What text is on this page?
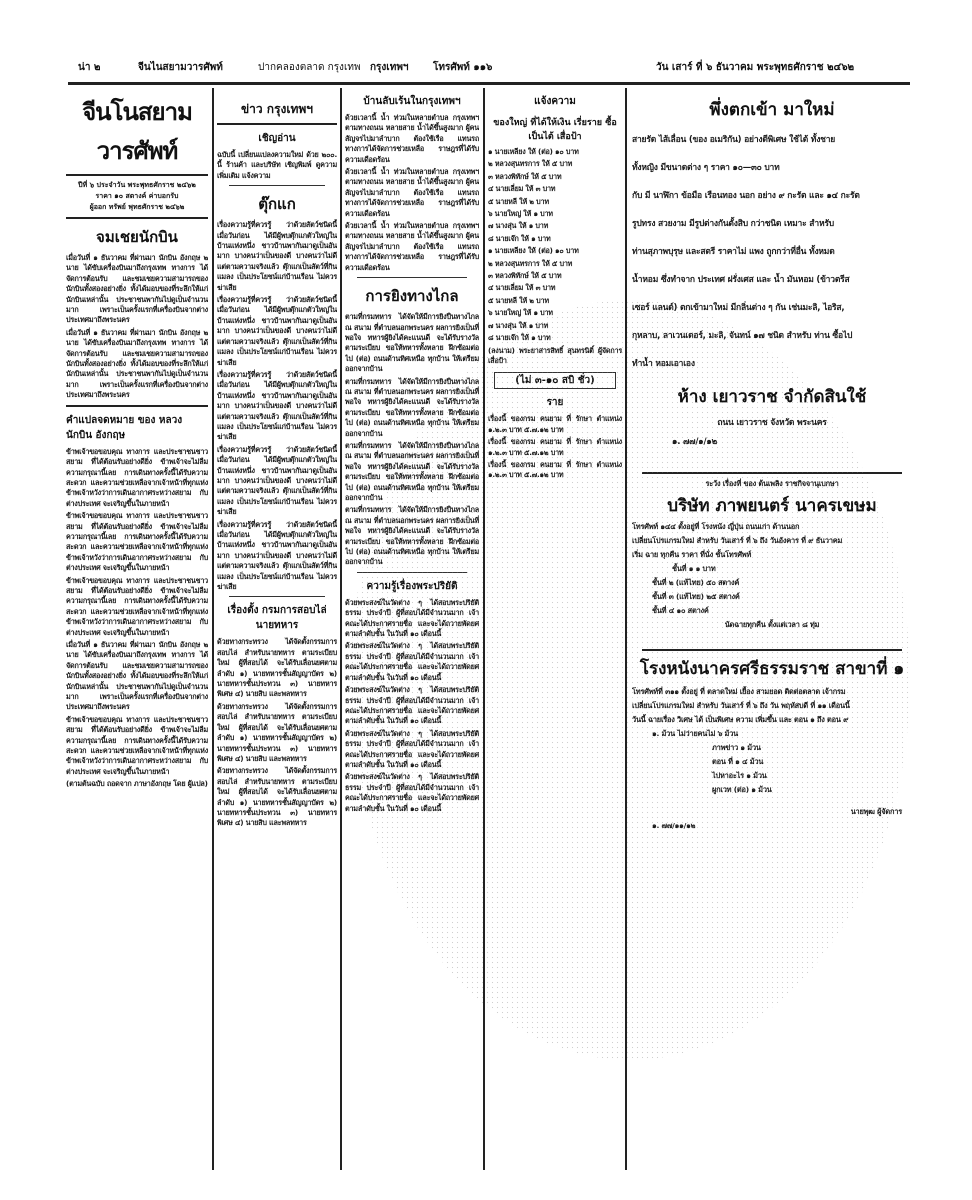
น่า ๒	จีนไนสยามวารศัพท์	ปากคลองตลาด กรุงเทพ กรุงเทพฯ โทรศัพท์ ๑๑๖	วัน เสาร์ ที่ ๖ ธันวาคม พระพุทธศักราช ๒๔๖๒
จีนโนสยามวารศัพท์
ปีที่ ๖ ประจำวัน พระพุทธศักราช ๒๔๖๒
ราคา ๑๐ สตางค์ ค่าบอกรับ
ผู้ออก ทรัพย์ พุทธศักราช ๒๔๖๒
จมเชยนักบิน

เมื่อวันที่ ๑ ธันวาคม ที่ผ่านมา นักบิน อังกฤษ ๒ นาย ได้ขับเครื่องบินมาถึงกรุงเทพ ทางการ ได้จัดการต้อนรับ และชมเชยความสามารถของนักบินทั้งสองอย่างยิ่ง ทั้งได้มอบของที่ระลึกให้แก่นักบินเหล่านั้น ประชาชนพากันไปดูเป็นจำนวนมาก เพราะเป็นครั้งแรกที่เครื่องบินจากต่างประเทศมาถึงพระนคร

เมื่อวันที่ ๑ ธันวาคม ที่ผ่านมา นักบิน อังกฤษ ๒ นาย ได้ขับเครื่องบินมาถึงกรุงเทพ ทางการ ได้จัดการต้อนรับ และชมเชยความสามารถของนักบินทั้งสองอย่างยิ่ง ทั้งได้มอบของที่ระลึกให้แก่นักบินเหล่านั้น ประชาชนพากันไปดูเป็นจำนวนมาก เพราะเป็นครั้งแรกที่เครื่องบินจากต่างประเทศมาถึงพระนคร

คำแปลจดหมาย ของ หลวงนักบิน อังกฤษ

ข้าพเจ้าขอขอบคุณ ทางการ และประชาชนชาวสยาม ที่ได้ต้อนรับอย่างดียิ่ง ข้าพเจ้าจะไม่ลืมความกรุณานี้เลย การเดินทางครั้งนี้ได้รับความสะดวก และความช่วยเหลือจากเจ้าหน้าที่ทุกแห่ง ข้าพเจ้าหวังว่าการเดินอากาศระหว่างสยาม กับ ต่างประเทศ จะเจริญขึ้นในภายหน้า

ข้าพเจ้าขอขอบคุณ ทางการ และประชาชนชาวสยาม ที่ได้ต้อนรับอย่างดียิ่ง ข้าพเจ้าจะไม่ลืมความกรุณานี้เลย การเดินทางครั้งนี้ได้รับความสะดวก และความช่วยเหลือจากเจ้าหน้าที่ทุกแห่ง ข้าพเจ้าหวังว่าการเดินอากาศระหว่างสยาม กับ ต่างประเทศ จะเจริญขึ้นในภายหน้า

ข้าพเจ้าขอขอบคุณ ทางการ และประชาชนชาวสยาม ที่ได้ต้อนรับอย่างดียิ่ง ข้าพเจ้าจะไม่ลืมความกรุณานี้เลย การเดินทางครั้งนี้ได้รับความสะดวก และความช่วยเหลือจากเจ้าหน้าที่ทุกแห่ง ข้าพเจ้าหวังว่าการเดินอากาศระหว่างสยาม กับ ต่างประเทศ จะเจริญขึ้นในภายหน้า

เมื่อวันที่ ๑ ธันวาคม ที่ผ่านมา นักบิน อังกฤษ ๒ นาย ได้ขับเครื่องบินมาถึงกรุงเทพ ทางการ ได้จัดการต้อนรับ และชมเชยความสามารถของนักบินทั้งสองอย่างยิ่ง ทั้งได้มอบของที่ระลึกให้แก่นักบินเหล่านั้น ประชาชนพากันไปดูเป็นจำนวนมาก เพราะเป็นครั้งแรกที่เครื่องบินจากต่างประเทศมาถึงพระนคร

ข้าพเจ้าขอขอบคุณ ทางการ และประชาชนชาวสยาม ที่ได้ต้อนรับอย่างดียิ่ง ข้าพเจ้าจะไม่ลืมความกรุณานี้เลย การเดินทางครั้งนี้ได้รับความสะดวก และความช่วยเหลือจากเจ้าหน้าที่ทุกแห่ง ข้าพเจ้าหวังว่าการเดินอากาศระหว่างสยาม กับ ต่างประเทศ จะเจริญขึ้นในภายหน้า

(ตามต้นฉบับ ถอดจาก ภาษาอังกฤษ โดย ผู้แปล)

ข่าว กรุงเทพฯ
เชิญอ่าน

ฉบับนี้ เปลี่ยนแปลงความใหม่ ด้วย ๒๐๐. นี้ ร้านค้า และบริษัท เชิญพิมพ์ ดูความ เพิ่มเติม แจ้งความ

ตุ๊กแก

เรื่องความรู้ที่ควรรู้ ว่าด้วยสัตว์ชนิดนี้ เมื่อวันก่อน ได้มีผู้พบตุ๊กแกตัวใหญ่ในบ้านแห่งหนึ่ง ชาวบ้านพากันมาดูเป็นอันมาก บางคนว่าเป็นของดี บางคนว่าไม่ดี แต่ตามความจริงแล้ว ตุ๊กแกเป็นสัตว์ที่กินแมลง เป็นประโยชน์แก่บ้านเรือน ไม่ควรฆ่าเสีย

เรื่องความรู้ที่ควรรู้ ว่าด้วยสัตว์ชนิดนี้ เมื่อวันก่อน ได้มีผู้พบตุ๊กแกตัวใหญ่ในบ้านแห่งหนึ่ง ชาวบ้านพากันมาดูเป็นอันมาก บางคนว่าเป็นของดี บางคนว่าไม่ดี แต่ตามความจริงแล้ว ตุ๊กแกเป็นสัตว์ที่กินแมลง เป็นประโยชน์แก่บ้านเรือน ไม่ควรฆ่าเสีย

เรื่องความรู้ที่ควรรู้ ว่าด้วยสัตว์ชนิดนี้ เมื่อวันก่อน ได้มีผู้พบตุ๊กแกตัวใหญ่ในบ้านแห่งหนึ่ง ชาวบ้านพากันมาดูเป็นอันมาก บางคนว่าเป็นของดี บางคนว่าไม่ดี แต่ตามความจริงแล้ว ตุ๊กแกเป็นสัตว์ที่กินแมลง เป็นประโยชน์แก่บ้านเรือน ไม่ควรฆ่าเสีย

เรื่องความรู้ที่ควรรู้ ว่าด้วยสัตว์ชนิดนี้ เมื่อวันก่อน ได้มีผู้พบตุ๊กแกตัวใหญ่ในบ้านแห่งหนึ่ง ชาวบ้านพากันมาดูเป็นอันมาก บางคนว่าเป็นของดี บางคนว่าไม่ดี แต่ตามความจริงแล้ว ตุ๊กแกเป็นสัตว์ที่กินแมลง เป็นประโยชน์แก่บ้านเรือน ไม่ควรฆ่าเสีย

เรื่องความรู้ที่ควรรู้ ว่าด้วยสัตว์ชนิดนี้ เมื่อวันก่อน ได้มีผู้พบตุ๊กแกตัวใหญ่ในบ้านแห่งหนึ่ง ชาวบ้านพากันมาดูเป็นอันมาก บางคนว่าเป็นของดี บางคนว่าไม่ดี แต่ตามความจริงแล้ว ตุ๊กแกเป็นสัตว์ที่กินแมลง เป็นประโยชน์แก่บ้านเรือน ไม่ควรฆ่าเสีย

เรื่องตั้ง กรมการสอบไล่ นายทหาร

ด้วยทางกระทรวง ได้จัดตั้งกรรมการสอบไล่ สำหรับนายทหาร ตามระเบียบใหม่ ผู้ที่สอบได้ จะได้รับเลื่อนยศตามลำดับ ๑) นายทหารชั้นสัญญาบัตร ๒) นายทหารชั้นประทวน ๓) นายทหารพิเศษ ๔) นายสิบ และพลทหาร

ด้วยทางกระทรวง ได้จัดตั้งกรรมการสอบไล่ สำหรับนายทหาร ตามระเบียบใหม่ ผู้ที่สอบได้ จะได้รับเลื่อนยศตามลำดับ ๑) นายทหารชั้นสัญญาบัตร ๒) นายทหารชั้นประทวน ๓) นายทหารพิเศษ ๔) นายสิบ และพลทหาร

ด้วยทางกระทรวง ได้จัดตั้งกรรมการสอบไล่ สำหรับนายทหาร ตามระเบียบใหม่ ผู้ที่สอบได้ จะได้รับเลื่อนยศตามลำดับ ๑) นายทหารชั้นสัญญาบัตร ๒) นายทหารชั้นประทวน ๓) นายทหารพิเศษ ๔) นายสิบ และพลทหาร

บ้านลับเร้นในกรุงเทพฯ

ด้วยเวลานี้ น้ำ ท่วมในหลายตำบล กรุงเทพฯ ตามทางถนน หลายสาย น้ำได้ขึ้นสูงมาก ผู้คนสัญจรไปมาลำบาก ต้องใช้เรือ แทนรถ ทางการได้จัดการช่วยเหลือ ราษฎรที่ได้รับความเดือดร้อน

ด้วยเวลานี้ น้ำ ท่วมในหลายตำบล กรุงเทพฯ ตามทางถนน หลายสาย น้ำได้ขึ้นสูงมาก ผู้คนสัญจรไปมาลำบาก ต้องใช้เรือ แทนรถ ทางการได้จัดการช่วยเหลือ ราษฎรที่ได้รับความเดือดร้อน

ด้วยเวลานี้ น้ำ ท่วมในหลายตำบล กรุงเทพฯ ตามทางถนน หลายสาย น้ำได้ขึ้นสูงมาก ผู้คนสัญจรไปมาลำบาก ต้องใช้เรือ แทนรถ ทางการได้จัดการช่วยเหลือ ราษฎรที่ได้รับความเดือดร้อน

การยิงทางไกล

ตามที่กรมทหาร ได้จัดให้มีการยิงปืนทางไกล ณ สนาม ที่ตำบลนอกพระนคร ผลการยิงเป็นที่พอใจ ทหารผู้ยิงได้คะแนนดี จะได้รับรางวัล ตามระเบียบ ขอให้ทหารทั้งหลาย ฝึกซ้อมต่อไป (ต่อ) ถนนด้านทิศเหนือ ทุกบ้าน ให้เตรียม ออกจากบ้าน

ตามที่กรมทหาร ได้จัดให้มีการยิงปืนทางไกล ณ สนาม ที่ตำบลนอกพระนคร ผลการยิงเป็นที่พอใจ ทหารผู้ยิงได้คะแนนดี จะได้รับรางวัล ตามระเบียบ ขอให้ทหารทั้งหลาย ฝึกซ้อมต่อไป (ต่อ) ถนนด้านทิศเหนือ ทุกบ้าน ให้เตรียม ออกจากบ้าน

ตามที่กรมทหาร ได้จัดให้มีการยิงปืนทางไกล ณ สนาม ที่ตำบลนอกพระนคร ผลการยิงเป็นที่พอใจ ทหารผู้ยิงได้คะแนนดี จะได้รับรางวัล ตามระเบียบ ขอให้ทหารทั้งหลาย ฝึกซ้อมต่อไป (ต่อ) ถนนด้านทิศเหนือ ทุกบ้าน ให้เตรียม ออกจากบ้าน

ตามที่กรมทหาร ได้จัดให้มีการยิงปืนทางไกล ณ สนาม ที่ตำบลนอกพระนคร ผลการยิงเป็นที่พอใจ ทหารผู้ยิงได้คะแนนดี จะได้รับรางวัล ตามระเบียบ ขอให้ทหารทั้งหลาย ฝึกซ้อมต่อไป (ต่อ) ถนนด้านทิศเหนือ ทุกบ้าน ให้เตรียม ออกจากบ้าน

ความรู้เรื่องพระปริยัติ

ด้วยพระสงฆ์ในวัดต่าง ๆ ได้สอบพระปริยัติธรรม ประจำปี ผู้ที่สอบได้มีจำนวนมาก เจ้าคณะได้ประกาศรายชื่อ และจะได้ถวายพัดยศ ตามลำดับชั้น ในวันที่ ๑๐ เดือนนี้

ด้วยพระสงฆ์ในวัดต่าง ๆ ได้สอบพระปริยัติธรรม ประจำปี ผู้ที่สอบได้มีจำนวนมาก เจ้าคณะได้ประกาศรายชื่อ และจะได้ถวายพัดยศ ตามลำดับชั้น ในวันที่ ๑๐ เดือนนี้

ด้วยพระสงฆ์ในวัดต่าง ๆ ได้สอบพระปริยัติธรรม ประจำปี ผู้ที่สอบได้มีจำนวนมาก เจ้าคณะได้ประกาศรายชื่อ และจะได้ถวายพัดยศ ตามลำดับชั้น ในวันที่ ๑๐ เดือนนี้

ด้วยพระสงฆ์ในวัดต่าง ๆ ได้สอบพระปริยัติธรรม ประจำปี ผู้ที่สอบได้มีจำนวนมาก เจ้าคณะได้ประกาศรายชื่อ และจะได้ถวายพัดยศ ตามลำดับชั้น ในวันที่ ๑๐ เดือนนี้

ด้วยพระสงฆ์ในวัดต่าง ๆ ได้สอบพระปริยัติธรรม ประจำปี ผู้ที่สอบได้มีจำนวนมาก เจ้าคณะได้ประกาศรายชื่อ และจะได้ถวายพัดยศ ตามลำดับชั้น ในวันที่ ๑๐ เดือนนี้

แจ้งความ
ของใหญ่ ที่ได้ให้เงิน เรี่ยราย ซื้อเป็นไต้ เสื่อป้า

๑ นายเหลียง ให้ (ต่อ) ๑๐ บาท

๒ หลวงสุนทรการ ให้ ๕ บาท

๓ หลวงพิทักษ์ ให้ ๕ บาท

๔ นายเลี่ยม ให้ ๓ บาท

๕ นายหลี ให้ ๒ บาท

๖ นายใหญ่ ให้ ๑ บาท

๗ นางสุ่น ให้ ๑ บาท

๘ นายเจ๊ก ให้ ๑ บาท

๑ นายเหลียง ให้ (ต่อ) ๑๐ บาท

๒ หลวงสุนทรการ ให้ ๕ บาท

๓ หลวงพิทักษ์ ให้ ๕ บาท

๔ นายเลี่ยม ให้ ๓ บาท

๕ นายหลี ให้ ๒ บาท

๖ นายใหญ่ ให้ ๑ บาท

๗ นางสุ่น ให้ ๑ บาท

๘ นายเจ๊ก ให้ ๑ บาท

(ลงนาม) พระยาสารสิทธิ์ สุนทรนิติ์ ผู้จัดการ เสื่อป้า

(ไม่ ๓-๑๐ สบิ ชั่ว)
ราย

เรื่องนี้ ของกรม คนยาม ที่ รักษา ตำแหน่ง ๑.๒.๓ บาท ๕.๗.๑๒ บาท

เรื่องนี้ ของกรม คนยาม ที่ รักษา ตำแหน่ง ๑.๒.๓ บาท ๕.๗.๑๒ บาท

เรื่องนี้ ของกรม คนยาม ที่ รักษา ตำแหน่ง ๑.๒.๓ บาท ๕.๗.๑๒ บาท

พึ่งตกเข้า มาใหม่

สายรัด ไส้เลื่อน (ของ อเมริกัน) อย่างดีพิเศษ ใช้ได้ ทั้งชาย

ทั้งหญิง มีขนาดต่าง ๆ ราคา ๑๐—๓๐ บาท

กับ มี นาฬิกา ข้อมือ เรือนทอง นอก อย่าง ๙ กะรัต และ ๑๔ กะรัต

รูปทรง สวยงาม มีรูปต่างกันตั้งสิบ กว่าชนิด เหมาะ สำหรับ

ท่านสุภาพบุรุษ และสตรี ราคาไม่ แพง ถูกกว่าที่อื่น ทั้งหมด

น้ำหอม ซึ่งทำจาก ประเทศ ฝรั่งเศส และ น้ำ มันหอม (ข้าวตรีส

เซอร์ แลนด์) ตกเข้ามาใหม่ มีกลิ่นต่าง ๆ กัน เช่นมะลิ, ไอริส,

กุหลาบ, ลาเวนเดอร์, มะลิ, จันทน์ ๑๗ ชนิด สำหรับ ท่าน ซื้อไป

ทำน้ำ หอมเอาเอง

ห้าง เยาวราช จำกัดสินใช้

ถนน เยาวราช จังหวัด พระนคร

๑. ๗๗/๑/๑๒

ระวัง เรื่องที่ ของ ต้นเพลิง ราชกิจจานุเบกษา

บริษัท ภาพยนตร์ นาครเขษม

โทรศัพท์ ๑๔๔ ตั้งอยู่ที่ โรงหนัง ญี่ปุ่น ถนนเก่า ด้านนอก

เปลี่ยนโปรแกรมใหม่ สำหรับ วันเสาร์ ที่ ๖ ถึง วันอังคาร ที่ ๙ ธันวาคม

เริ่ม ฉาย ทุกคืน ราคา ที่นั่ง ชั้นโทรศัพท์

ชั้นที่ ๑ ๑ บาท

ชั้นที่ ๒ (แท้ไทย) ๕๐ สตางค์

ชั้นที่ ๓ (แท้ไทย) ๒๕ สตางค์

ชั้นที่ ๔ ๑๐ สตางค์

นัดฉายทุกคืน ตั้งแต่เวลา ๘ ทุ่ม

โรงหนังนาครศรีธรรมราช สาขาที่ ๑

โทรศัพท์ที่ ๓๑๑ ตั้งอยู่ ที่ ตลาดใหม่ เยื้อง สามยอด ติดต่อตลาด เจ้ากรม

เปลี่ยนโปรแกรมใหม่ สำหรับ วันเสาร์ ที่ ๖ ถึง วัน พฤหัสบดี ที่ ๑๑ เดือนนี้

วันนี้ ฉายเรื่อง วิเศษ ได้ เป็นพิเศษ ความ เพิ่มขึ้น และ ตอน ๑ ถึง ตอน ๙

๑. ม้วน ไม่ว่ายคนไม่ ๖ ม้วน

ภาพข่าว ๑ ม้วน

ตอน ที่ ๑ ๔ ม้วน

ไปหาอะไร ๑ ม้วน

ผูกเวท (ต่อ) ๑ ม้วน

นายพุฒ ผู้จัดการ

๑. ๗๗/๑๑/๑๒
